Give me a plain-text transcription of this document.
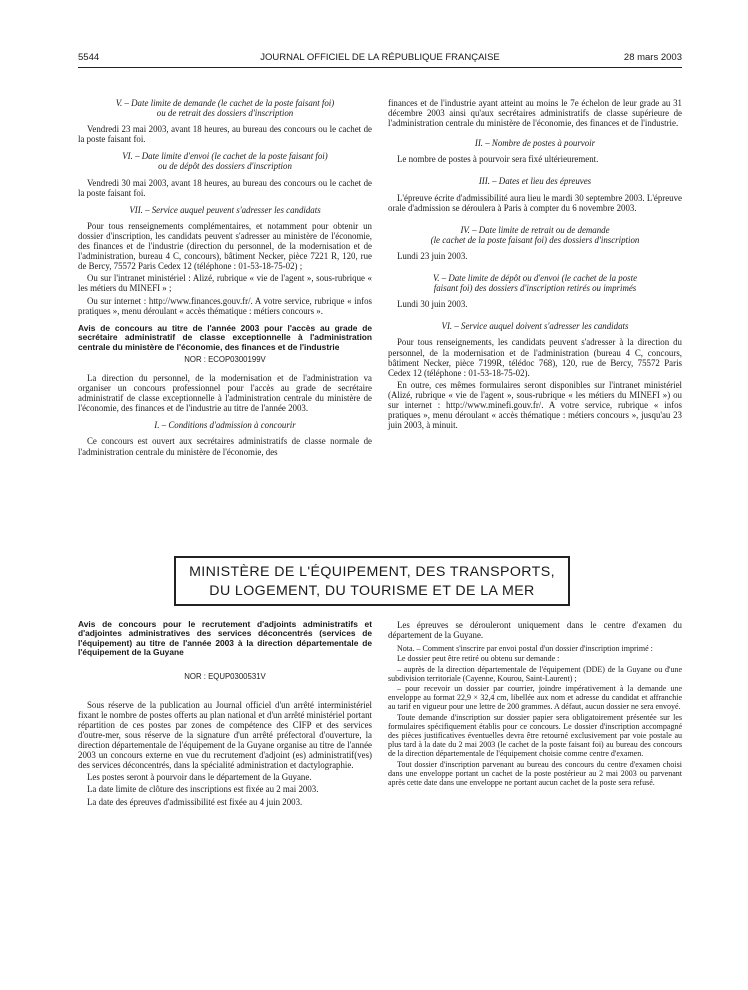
5544	JOURNAL OFFICIEL DE LA RÉPUBLIQUE FRANÇAISE	28 mars 2003
V. – Date limite de demande (le cachet de la poste faisant foi)
ou de retrait des dossiers d'inscription

Vendredi 23 mai 2003, avant 18 heures, au bureau des concours ou le cachet de la poste faisant foi.

VI. – Date limite d'envoi (le cachet de la poste faisant foi)
ou de dépôt des dossiers d'inscription

Vendredi 30 mai 2003, avant 18 heures, au bureau des concours ou le cachet de la poste faisant foi.

VII. – Service auquel peuvent s'adresser les candidats

Pour tous renseignements complémentaires, et notamment pour obtenir un dossier d'inscription, les candidats peuvent s'adresser au ministère de l'économie, des finances et de l'industrie (direction du personnel, de la modernisation et de l'administration, bureau 4 C, concours), bâtiment Necker, pièce 7221 R, 120, rue de Bercy, 75572 Paris Cedex 12 (téléphone : 01-53-18-75-02) ;

Ou sur l'intranet ministériel : Alizé, rubrique « vie de l'agent », sous-rubrique « les métiers du MINEFI » ;

Ou sur internet : http://www.finances.gouv.fr/. A votre service, rubrique « infos pratiques », menu déroulant « accès thématique : métiers concours ».

Avis de concours au titre de l'année 2003 pour l'accès au grade de secrétaire administratif de classe exceptionnelle à l'administration centrale du ministère de l'économie, des finances et de l'industrie
NOR : ECOP0300199V

La direction du personnel, de la modernisation et de l'administration va organiser un concours professionnel pour l'accès au grade de secrétaire administratif de classe exceptionnelle à l'administration centrale du ministère de l'économie, des finances et de l'industrie au titre de l'année 2003.

I. – Conditions d'admission à concourir

Ce concours est ouvert aux secrétaires administratifs de classe normale de l'administration centrale du ministère de l'économie, des

finances et de l'industrie ayant atteint au moins le 7e échelon de leur grade au 31 décembre 2003 ainsi qu'aux secrétaires administratifs de classe supérieure de l'administration centrale du ministère de l'économie, des finances et de l'industrie.

II. – Nombre de postes à pourvoir

Le nombre de postes à pourvoir sera fixé ultérieurement.

III. – Dates et lieu des épreuves

L'épreuve écrite d'admissibilité aura lieu le mardi 30 septembre 2003. L'épreuve orale d'admission se déroulera à Paris à compter du 6 novembre 2003.

IV. – Date limite de retrait ou de demande
(le cachet de la poste faisant foi) des dossiers d'inscription

Lundi 23 juin 2003.

V. – Date limite de dépôt ou d'envoi (le cachet de la poste
faisant foi) des dossiers d'inscription retirés ou imprimés

Lundi 30 juin 2003.

VI. – Service auquel doivent s'adresser les candidats

Pour tous renseignements, les candidats peuvent s'adresser à la direction du personnel, de la modernisation et de l'administration (bureau 4 C, concours, bâtiment Necker, pièce 7199R, télédoc 768), 120, rue de Bercy, 75572 Paris Cedex 12 (téléphone : 01-53-18-75-02).

En outre, ces mêmes formulaires seront disponibles sur l'intranet ministériel (Alizé, rubrique « vie de l'agent », sous-rubrique « les métiers du MINEFI ») ou sur internet : http://www.minefi.gouv.fr/. A votre service, rubrique « infos pratiques », menu déroulant « accès thématique : métiers concours », jusqu'au 23 juin 2003, à minuit.

MINISTÈRE DE L'ÉQUIPEMENT, DES TRANSPORTS,
DU LOGEMENT, DU TOURISME ET DE LA MER
Avis de concours pour le recrutement d'adjoints administratifs et d'adjointes administratives des services déconcentrés (services de l'équipement) au titre de l'année 2003 à la direction départementale de l'équipement de la Guyane
NOR : EQUP0300531V

Sous réserve de la publication au Journal officiel d'un arrêté interministériel fixant le nombre de postes offerts au plan national et d'un arrêté ministériel portant répartition de ces postes par zones de compétence des CIFP et des services d'outre-mer, sous réserve de la signature d'un arrêté préfectoral d'ouverture, la direction départementale de l'équipement de la Guyane organise au titre de l'année 2003 un concours externe en vue du recrutement d'adjoint (es) administratif(ves) des services déconcentrés, dans la spécialité administration et dactylographie.

Les postes seront à pourvoir dans le département de la Guyane.

La date limite de clôture des inscriptions est fixée au 2 mai 2003.

La date des épreuves d'admissibilité est fixée au 4 juin 2003.

Les épreuves se dérouleront uniquement dans le centre d'examen du département de la Guyane.

Nota. – Comment s'inscrire par envoi postal d'un dossier d'inscription imprimé :

Le dossier peut être retiré ou obtenu sur demande :

– auprès de la direction départementale de l'équipement (DDE) de la Guyane ou d'une subdivision territoriale (Cayenne, Kourou, Saint-Laurent) ;

– pour recevoir un dossier par courrier, joindre impérativement à la demande une enveloppe au format 22,9 × 32,4 cm, libellée aux nom et adresse du candidat et affranchie au tarif en vigueur pour une lettre de 200 grammes. A défaut, aucun dossier ne sera envoyé.

Toute demande d'inscription sur dossier papier sera obligatoirement présentée sur les formulaires spécifiquement établis pour ce concours. Le dossier d'inscription accompagné des pièces justificatives éventuelles devra être retourné exclusivement par voie postale au plus tard à la date du 2 mai 2003 (le cachet de la poste faisant foi) au bureau des concours de la direction départementale de l'équipement choisie comme centre d'examen.

Tout dossier d'inscription parvenant au bureau des concours du centre d'examen choisi dans une enveloppe portant un cachet de la poste postérieur au 2 mai 2003 ou parvenant après cette date dans une enveloppe ne portant aucun cachet de la poste sera refusé.
